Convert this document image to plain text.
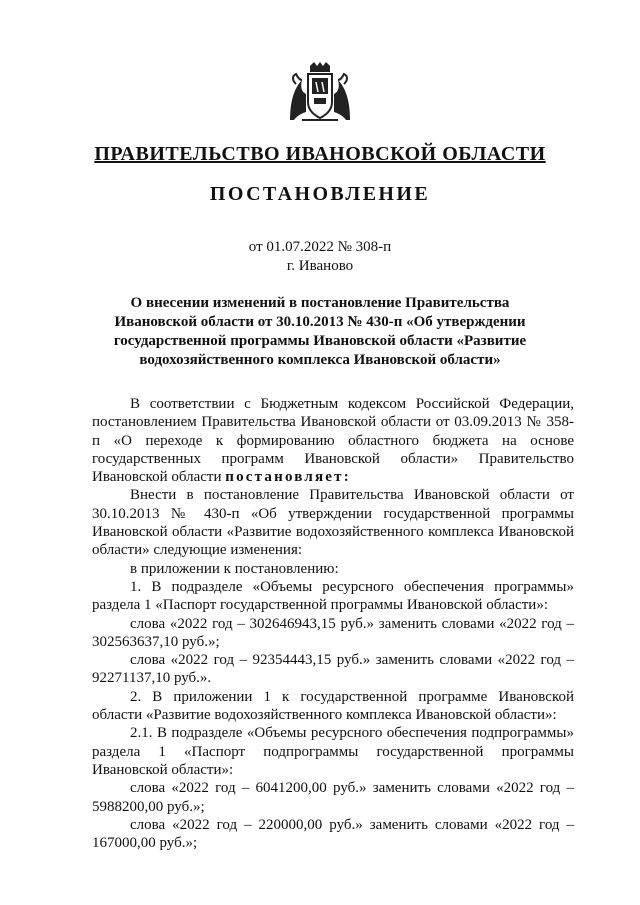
ПРАВИТЕЛЬСТВО ИВАНОВСКОЙ ОБЛАСТИ
ПОСТАНОВЛЕНИЕ
от 01.07.2022 № 308-п
г. Иваново
О внесении изменений в постановление Правительства Ивановской области от 30.10.2013 № 430-п «Об утверждении государственной программы Ивановской области «Развитие водохозяйственного комплекса Ивановской области»

В соответствии с Бюджетным кодексом Российской Федерации, постановлением Правительства Ивановской области от 03.09.2013 № 358-п «О переходе к формированию областного бюджета на основе государственных программ Ивановской области» Правительство Ивановской области постановляет:

Внести в постановление Правительства Ивановской области от 30.10.2013 № 430-п «Об утверждении государственной программы Ивановской области «Развитие водохозяйственного комплекса Ивановской области» следующие изменения:

в приложении к постановлению:

1. В подразделе «Объемы ресурсного обеспечения программы» раздела 1 «Паспорт государственной программы Ивановской области»:

слова «2022 год – 302646943,15 руб.» заменить словами «2022 год – 302563637,10 руб.»;

слова «2022 год – 92354443,15 руб.» заменить словами «2022 год – 92271137,10 руб.».

2. В приложении 1 к государственной программе Ивановской области «Развитие водохозяйственного комплекса Ивановской области»:

2.1. В подразделе «Объемы ресурсного обеспечения подпрограммы» раздела 1 «Паспорт подпрограммы государственной программы Ивановской области»:

слова «2022 год – 6041200,00 руб.» заменить словами «2022 год – 5988200,00 руб.»;

слова «2022 год – 220000,00 руб.» заменить словами «2022 год – 167000,00 руб.»;
